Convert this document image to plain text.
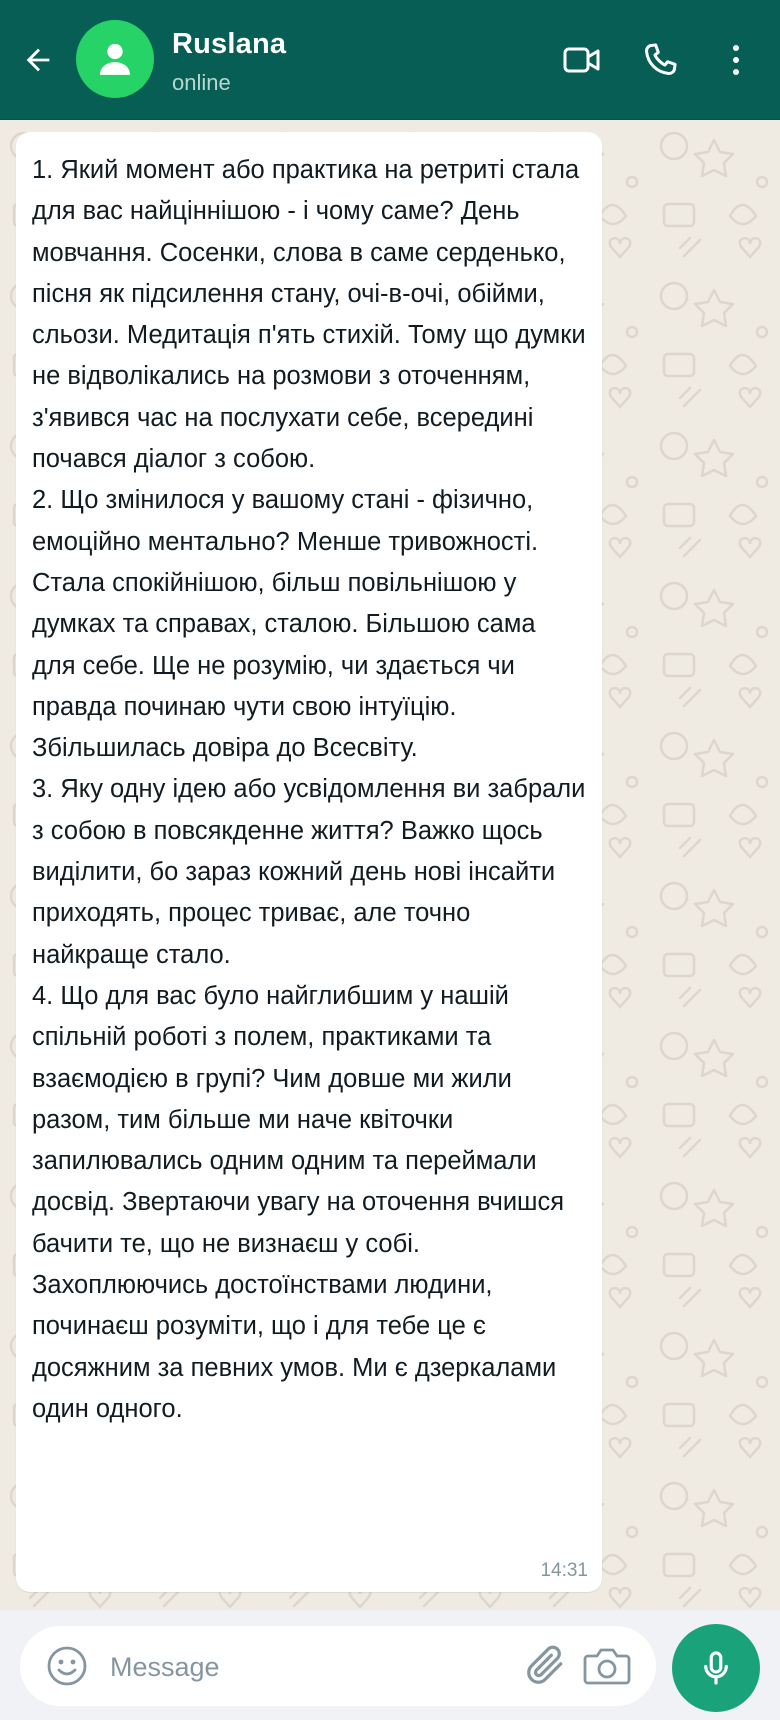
Ruslana
online

1. Який момент або практика на ретриті стала для вас найціннішою - і чому саме? День мовчання. Сосенки, слова в саме серденько, пісня як підсилення стану, очі-в-очі, обійми, сльози. Медитація п'ять стихій. Тому що думки не відволікались на розмови з оточенням, з'явився час на послухати себе, всередині почався діалог з собою.
2. Що змінилося у вашому стані - фізично, емоційно ментально? Менше тривожності. Стала спокійнішою, більш повільнішою у думках та справах, сталою. Більшою сама для себе. Ще не розумію, чи здається чи правда починаю чути свою інтуїцію. Збільшилась довіра до Всесвіту.
3. Яку одну ідею або усвідомлення ви забрали з собою в повсякденне життя? Важко щось виділити, бо зараз кожний день нові інсайти приходять, процес триває, але точно найкраще стало.
4. Що для вас було найглибшим у нашій спільній роботі з полем, практиками та взаємодією в групі? Чим довше ми жили разом, тим більше ми наче квіточки запилювались одним одним та переймали досвід. Звертаючи увагу на оточення вчишся бачити те, що не визнаєш у собі. Захоплюючись достоїнствами людини, починаєш розуміти, що і для тебе це є досяжним за певних умов. Ми є дзеркалами один одного.

14:31
Message
